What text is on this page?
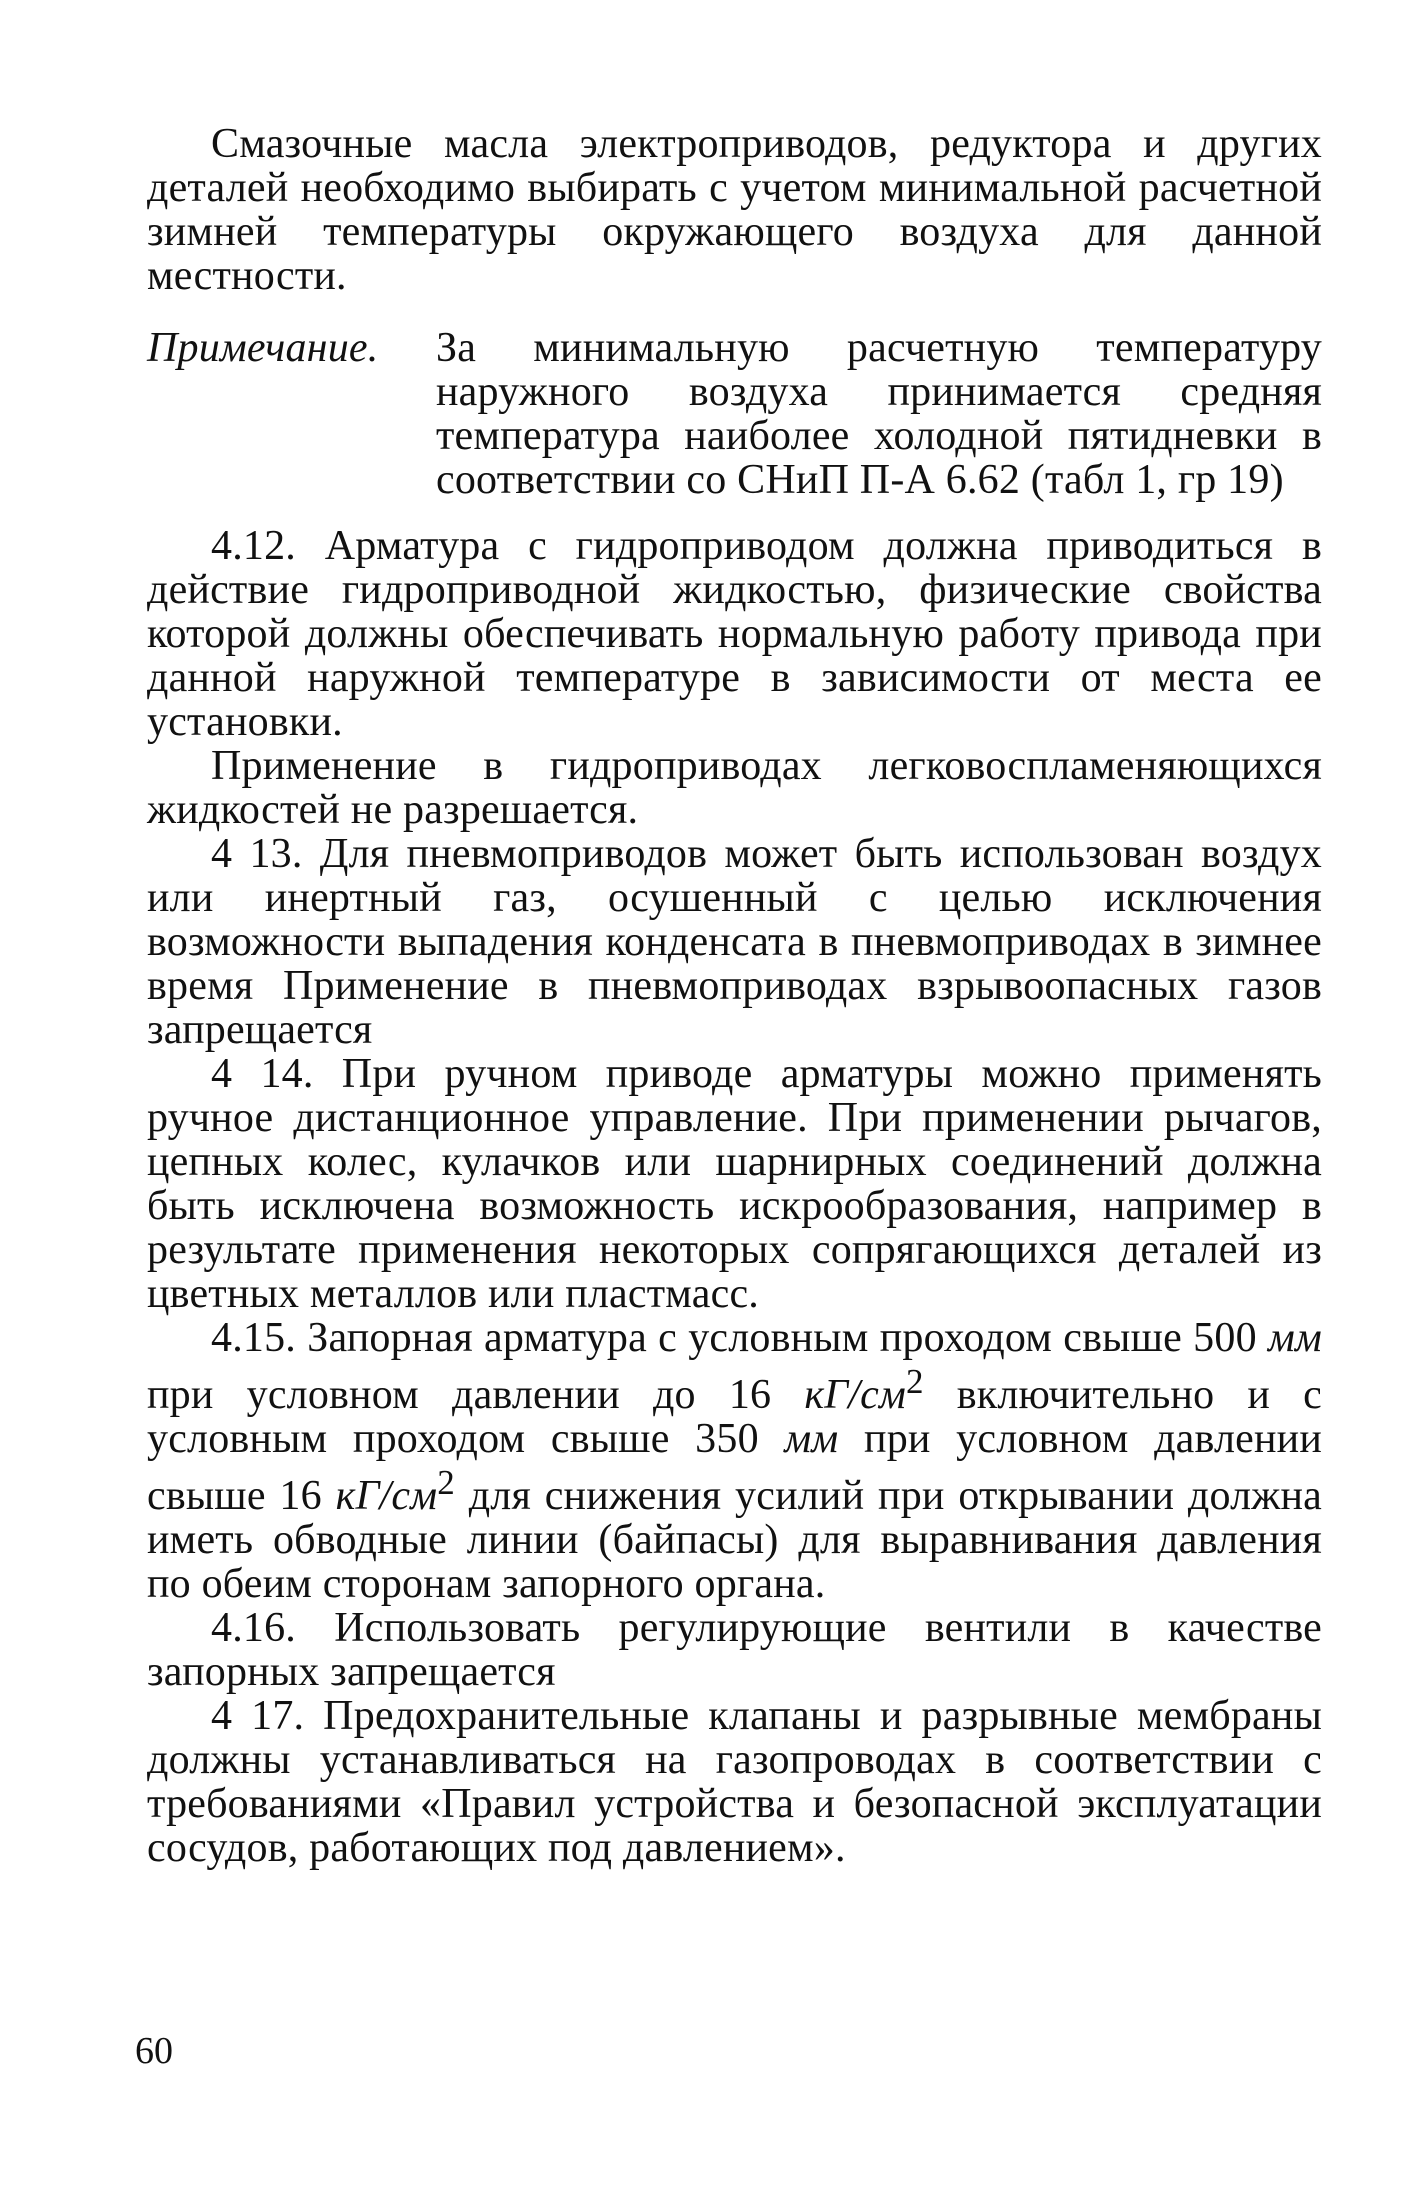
Смазочные масла электроприводов, редуктора и других деталей необходимо выбирать с учетом минимальной расчетной зимней температуры окружающего воздуха для данной местности.

Примечание.	За минимальную расчетную температуру наружного воздуха принимается средняя температура наиболее холодной пятидневки в соответствии со СНиП П-А 6.62 (табл 1, гр 19)

4.12. Арматура с гидроприводом должна приводиться в действие гидроприводной жидкостью, физические свойства которой должны обеспечивать нормальную работу привода при данной наружной температуре в зависимости от места ее установки.

Применение в гидроприводах легковоспламеняющихся жидкостей не разрешается.

4 13. Для пневмоприводов может быть использован воздух или инертный газ, осушенный с целью исключения возможности выпадения конденсата в пневмоприводах в зимнее время Применение в пневмоприводах взрывоопасных газов запрещается

4 14. При ручном приводе арматуры можно применять ручное дистанционное управление. При применении рычагов, цепных колес, кулачков или шарнирных соединений должна быть исключена возможность искрообразования, например в результате применения некоторых сопрягающихся деталей из цветных металлов или пластмасс.

4.15. Запорная арматура с условным проходом свыше 500 мм при условном давлении до 16 $кГ/см^2$ включительно и с условным проходом свыше 350 мм при условном давлении свыше 16 $кГ/см^2$ для снижения усилий при открывании должна иметь обводные линии (байпасы) для выравнивания давления по обеим сторонам запорного органа.

4.16. Использовать регулирующие вентили в качестве запорных запрещается

4 17. Предохранительные клапаны и разрывные мембраны должны устанавливаться на газопроводах в соответствии с требованиями «Правил устройства и безопасной эксплуатации сосудов, работающих под давлением».

60
